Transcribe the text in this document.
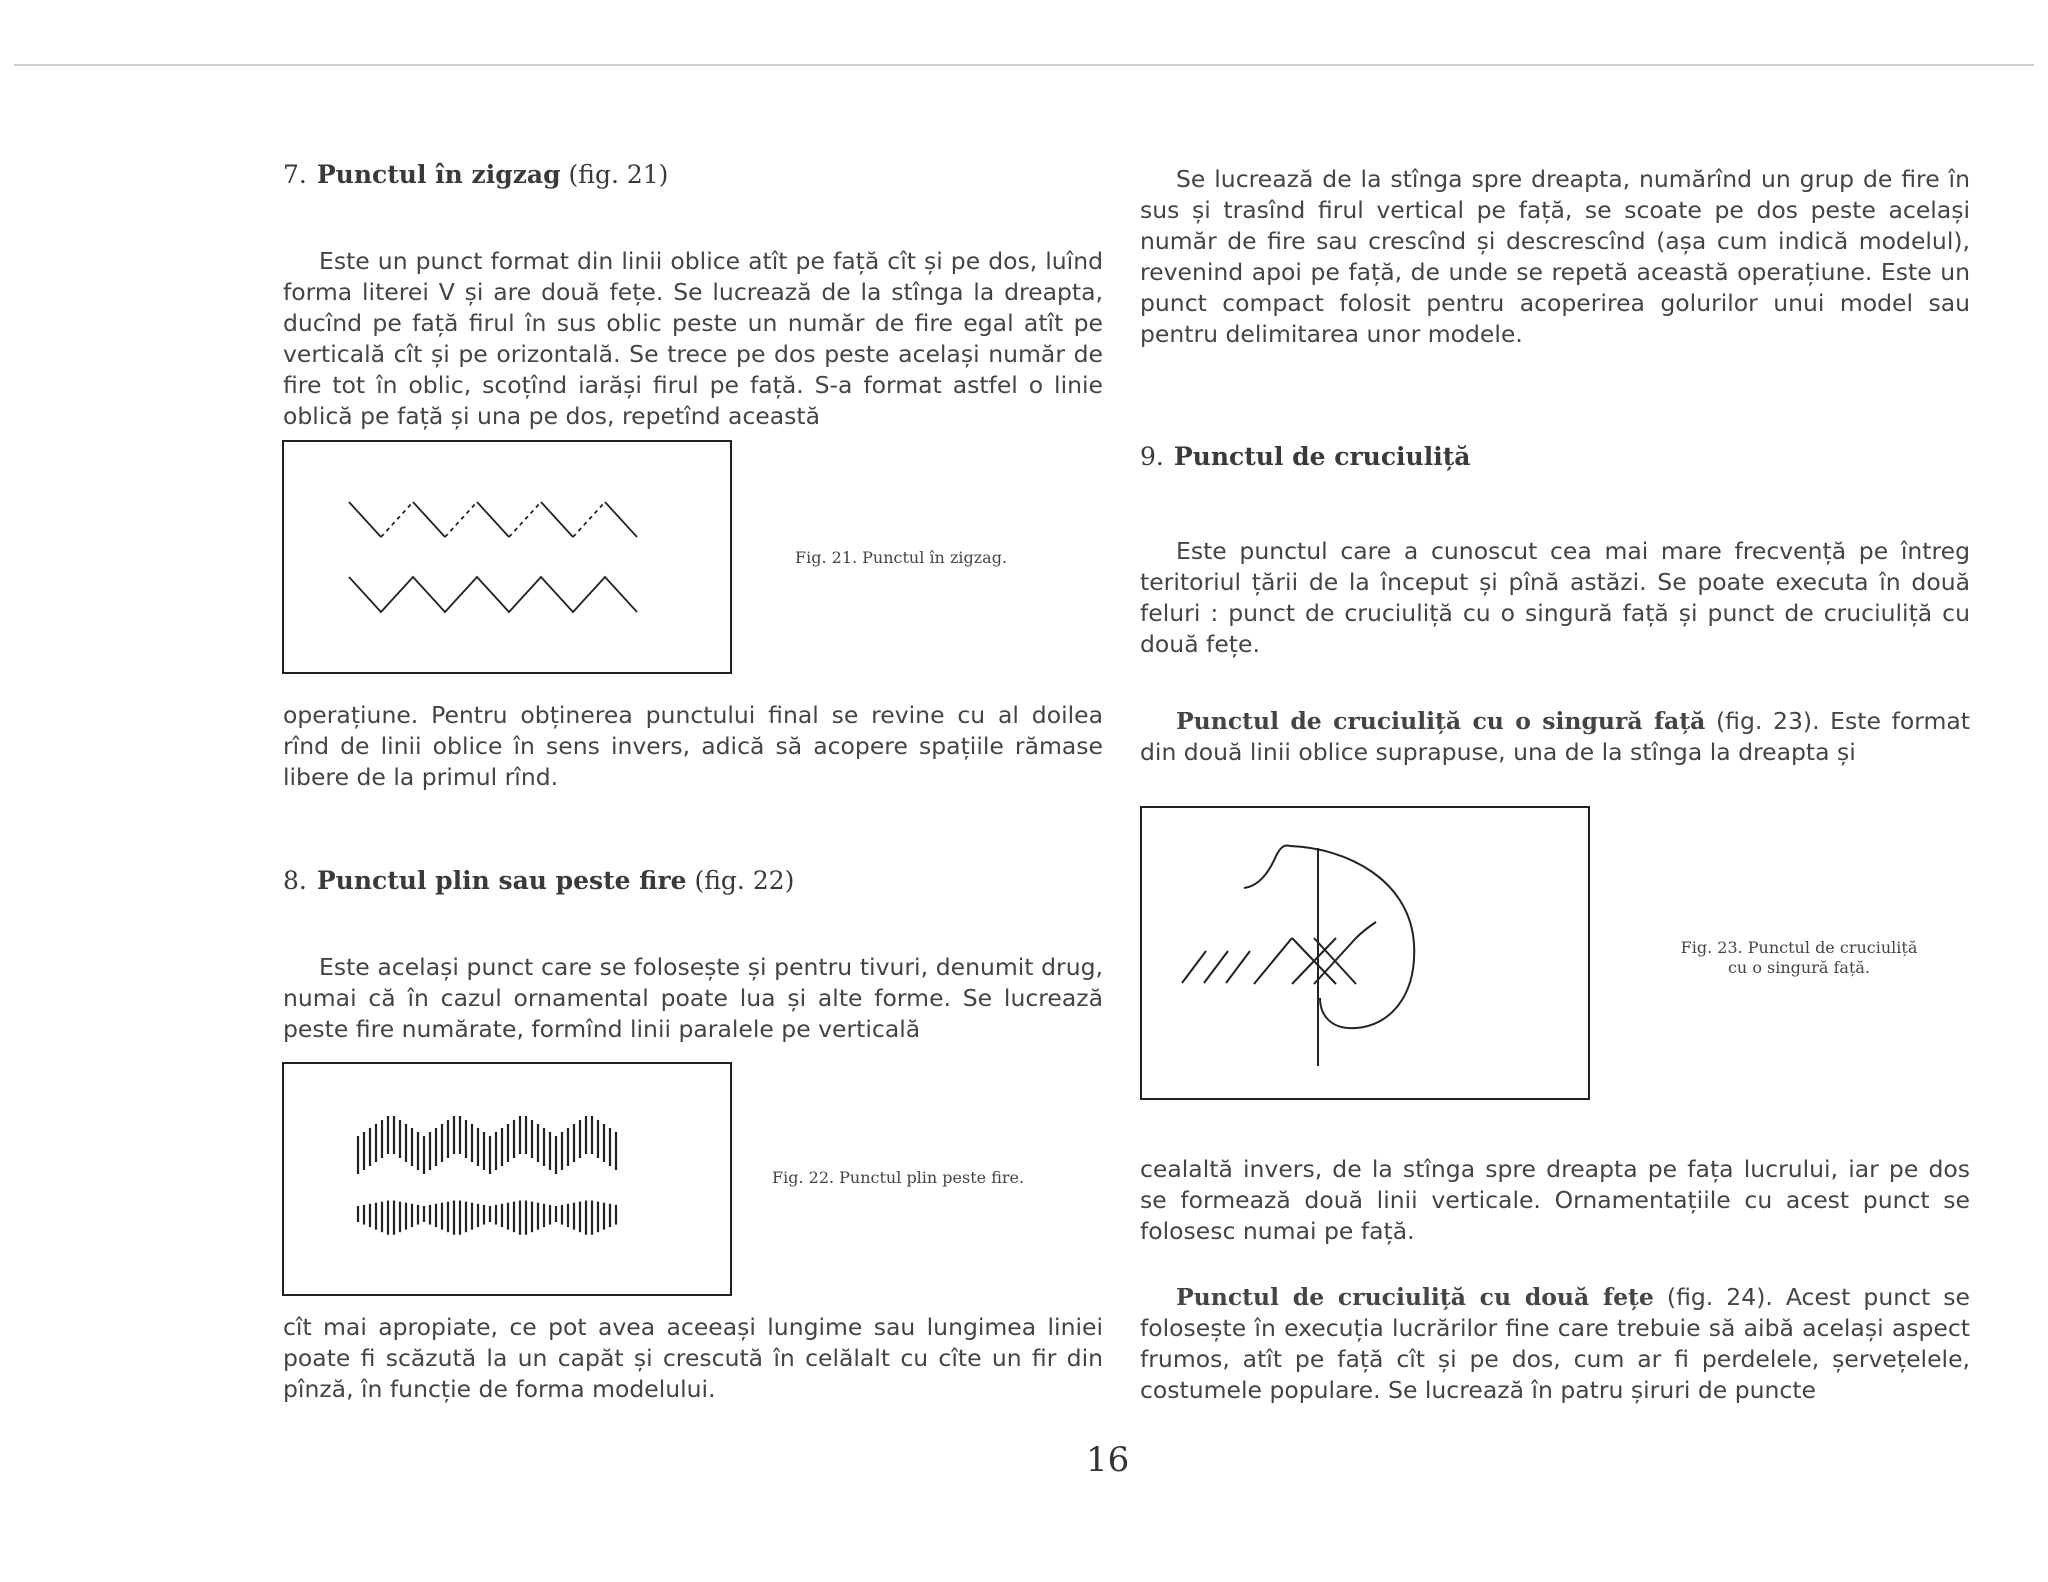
7. Punctul în zigzag (fig. 21)

Este un punct format din linii oblice atît pe față cît și pe dos, luînd forma literei V și are două fețe. Se lucrează de la stînga la dreapta, ducînd pe față firul în sus oblic peste un număr de fire egal atît pe verticală cît și pe orizontală. Se trece pe dos peste același număr de fire tot în oblic, scoțînd iarăși firul pe față. S-a format astfel o linie oblică pe față și una pe dos, repetînd această

Fig. 21. Punctul în zigzag.

operațiune. Pentru obținerea punctului final se revine cu al doilea rînd de linii oblice în sens invers, adică să acopere spațiile rămase libere de la primul rînd.

8. Punctul plin sau peste fire (fig. 22)

Este același punct care se folosește și pentru tivuri, denumit drug, numai că în cazul ornamental poate lua și alte forme. Se lucrează peste fire numărate, formînd linii paralele pe verticală

Fig. 22. Punctul plin peste fire.

cît mai apropiate, ce pot avea aceeași lungime sau lungimea liniei poate fi scăzută la un capăt și crescută în celălalt cu cîte un fir din pînză, în funcție de forma modelului.

Se lucrează de la stînga spre dreapta, numărînd un grup de fire în sus și trasînd firul vertical pe față, se scoate pe dos peste același număr de fire sau crescînd și descrescînd (așa cum indică modelul), revenind apoi pe față, de unde se repetă această operațiune. Este un punct compact folosit pentru acoperirea golurilor unui model sau pentru delimitarea unor modele.

9. Punctul de cruciuliță

Este punctul care a cunoscut cea mai mare frecvență pe întreg teritoriul țării de la început și pînă astăzi. Se poate executa în două feluri : punct de cruciuliță cu o singură față și punct de cruciuliță cu două fețe.

Punctul de cruciuliță cu o singură față (fig. 23). Este format din două linii oblice suprapuse, una de la stînga la dreapta și

Fig. 23. Punctul de cruciuliță
cu o singură față.

cealaltă invers, de la stînga spre dreapta pe fața lucrului, iar pe dos se formează două linii verticale. Ornamentațiile cu acest punct se folosesc numai pe față.

Punctul de cruciuliță cu două fețe (fig. 24). Acest punct se folosește în execuția lucrărilor fine care trebuie să aibă același aspect frumos, atît pe față cît și pe dos, cum ar fi perdelele, șervețelele, costumele populare. Se lucrează în patru șiruri de puncte

16
